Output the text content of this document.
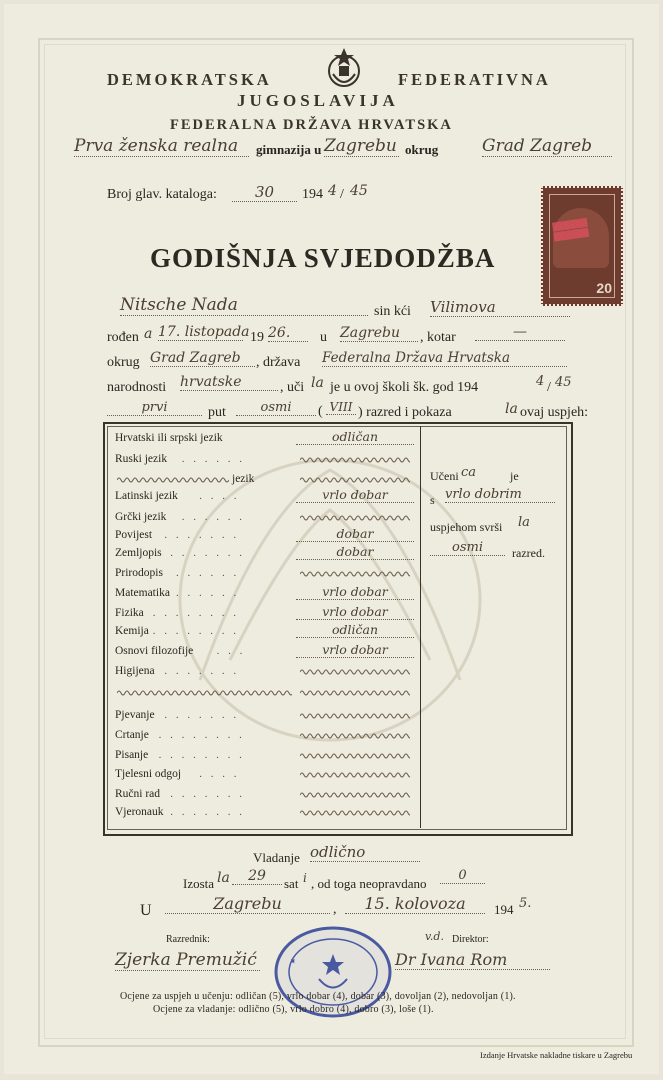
DEMOKRATSKA	FEDERATIVNA
JUGOSLAVIJA
FEDERALNA DRŽAVA HRVATSKA
Prva ženska realna	gimnazija u Zagrebu okrug	Grad Zagreb
Broj glav. kataloga:	30	194 4 / 45
▓▓▓▓▓▓
▓▓▓▓▓▓
20
GODIŠNJA SVJEDODŽBA
Nitsche Nada	sin kći Vilimova
rođen a 17. listopada 19 26.	u Zagrebu	, kotar	—
okrug Grad Zagreb	, država Federalna Država Hrvatska
narodnosti hrvatske	, uči la je u ovoj školi šk. god 194	4 / 45
prvi	put	osmi	( VIII ) razred i pokaza	la ovaj uspjeh:
Hrvatski ili srpski jezik	odličan
Ruski jezik	. . . . . .
jezik
Latinski jezik	. . . .	vrlo dobar
Grčki jezik	. . . . . .
Povijest	. . . . . . .	dobar
Zemljopis . . . . . . .	dobar
Prirodopis	. . . . . .
Matematika . . . . . .	vrlo dobar
Fizika . . . . . . . .	vrlo dobar
Kemija . . . . . . . .	odličan
Osnovi filozofije	. . .	vrlo dobar
Higijena . . . . . . .
Pjevanje . . . . . . .
Crtanje . . . . . . . .
Pisanje . . . . . . . .
Tjelesni odgoj	. . . .
Ručni rad . . . . . . .
Vjeronauk . . . . . . .
Učeni ca	je
s vrlo dobrim
uspjehom svrši la
osmi	razred.
Vladanje odlično
Izosta la	29	sat i , od toga neopravdano
0
U	Zagrebu	,	15. kolovoza	194 5.
Razrednik:
Zjerka Premužić
v.d. Direktor:
Dr Ivana Rom
✦
Ocjene za uspjeh u učenju: odličan (5), vrlo dobar (4), dobar (3), dovoljan (2), nedovoljan (1).
Ocjene za vladanje: odlično (5), vrlo dobro (4), dobro (3), loše (1).
Izdanje Hrvatske nakladne tiskare u Zagrebu
